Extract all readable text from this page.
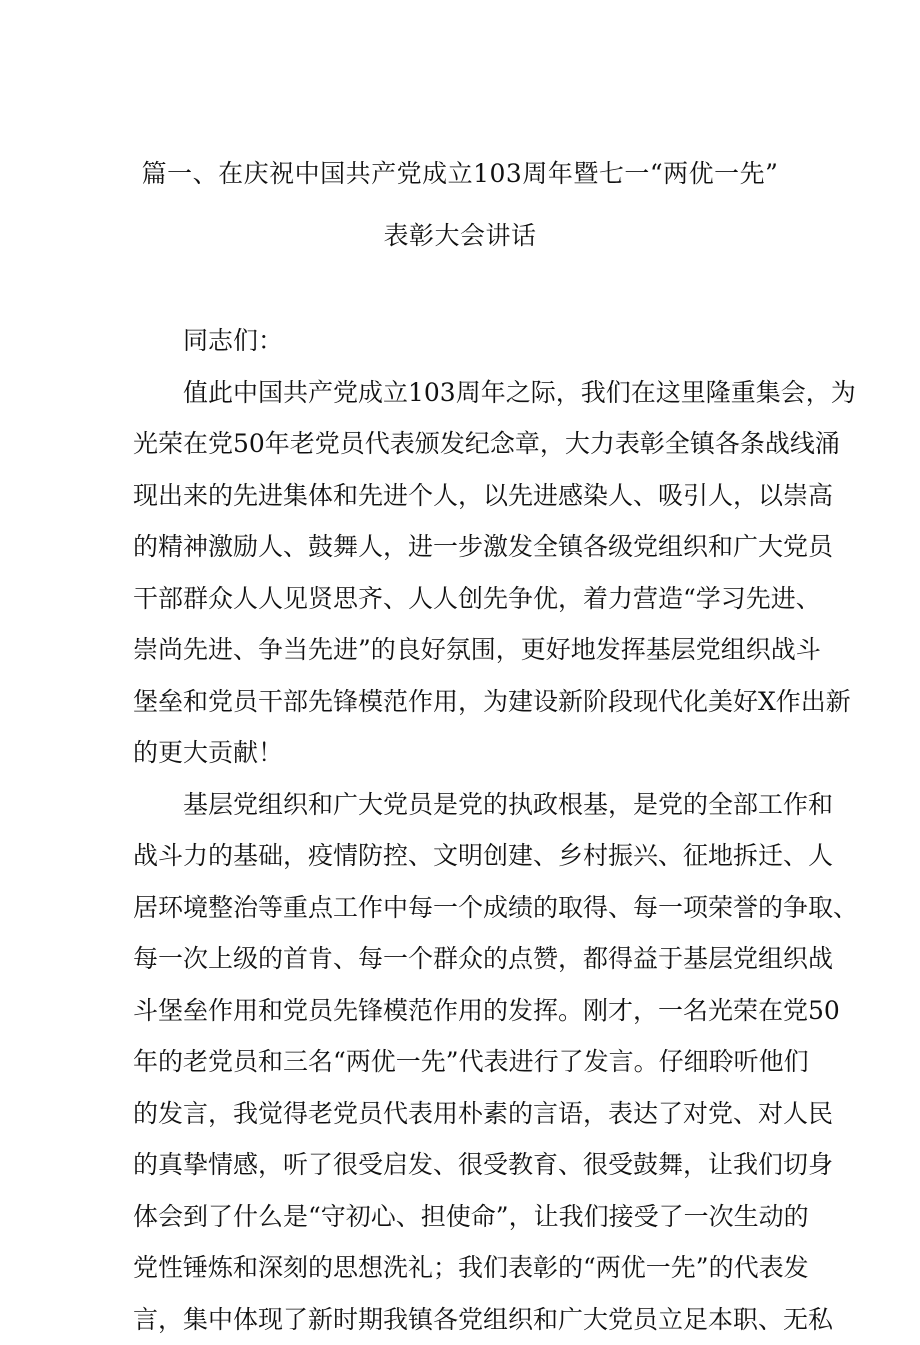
篇一、在庆祝中国共产党成立103周年暨七一“两优一先”
表彰大会讲话
同志们：
值此中国共产党成立103周年之际，我们在这里隆重集会，为
光荣在党50年老党员代表颁发纪念章，大力表彰全镇各条战线涌
现出来的先进集体和先进个人，以先进感染人、吸引人，以崇高
的精神激励人、鼓舞人，进一步激发全镇各级党组织和广大党员
干部群众人人见贤思齐、人人创先争优，着力营造“学习先进、
崇尚先进、争当先进”的良好氛围，更好地发挥基层党组织战斗
堡垒和党员干部先锋模范作用，为建设新阶段现代化美好X作出新
的更大贡献！
基层党组织和广大党员是党的执政根基，是党的全部工作和
战斗力的基础，疫情防控、文明创建、乡村振兴、征地拆迁、人
居环境整治等重点工作中每一个成绩的取得、每一项荣誉的争取、
每一次上级的首肯、每一个群众的点赞，都得益于基层党组织战
斗堡垒作用和党员先锋模范作用的发挥。刚才，一名光荣在党50
年的老党员和三名“两优一先”代表进行了发言。仔细聆听他们
的发言，我觉得老党员代表用朴素的言语，表达了对党、对人民
的真挚情感，听了很受启发、很受教育、很受鼓舞，让我们切身
体会到了什么是“守初心、担使命”，让我们接受了一次生动的
党性锤炼和深刻的思想洗礼；我们表彰的“两优一先”的代表发
言，集中体现了新时期我镇各党组织和广大党员立足本职、无私
